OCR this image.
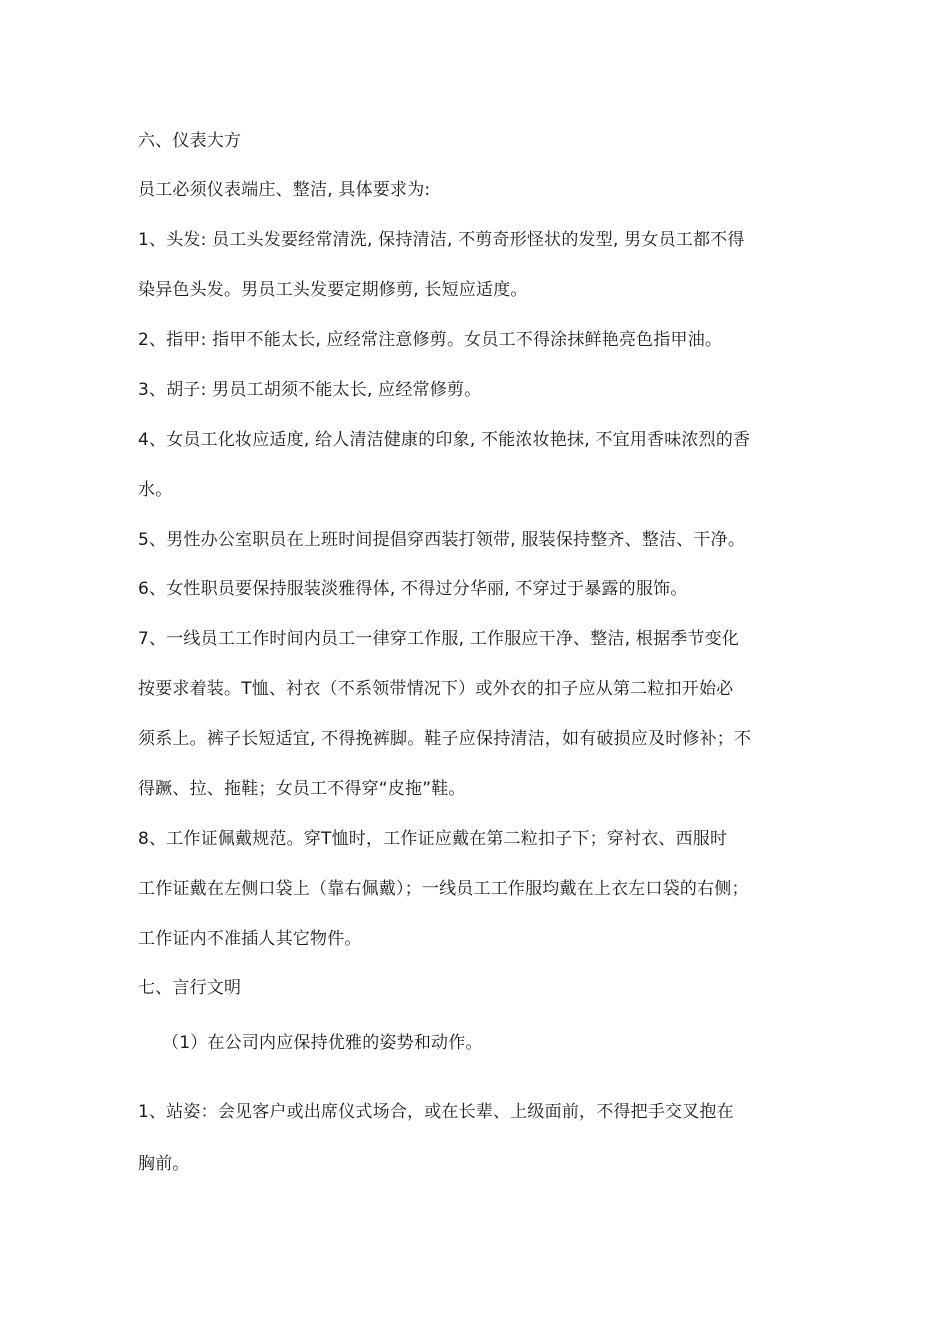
六、仪表大方
员工必须仪表端庄、整洁, 具体要求为:
1、头发: 员工头发要经常清洗, 保持清洁, 不剪奇形怪状的发型, 男女员工都不得
染异色头发。男员工头发要定期修剪, 长短应适度。
2、指甲: 指甲不能太长, 应经常注意修剪。女员工不得涂抹鲜艳亮色指甲油。
3、胡子: 男员工胡须不能太长, 应经常修剪。
4、女员工化妆应适度, 给人清洁健康的印象, 不能浓妆艳抹, 不宜用香味浓烈的香
水。
5、男性办公室职员在上班时间提倡穿西装打领带, 服装保持整齐、整洁、干净。
6、女性职员要保持服装淡雅得体, 不得过分华丽, 不穿过于暴露的服饰。
7、一线员工工作时间内员工一律穿工作服, 工作服应干净、整洁, 根据季节变化
按要求着装。T恤、衬衣（不系领带情况下）或外衣的扣子应从第二粒扣开始必
须系上。裤子长短适宜, 不得挽裤脚。鞋子应保持清洁，如有破损应及时修补；不
得蹶、拉、拖鞋；女员工不得穿“皮拖”鞋。
8、工作证佩戴规范。穿T恤时，工作证应戴在第二粒扣子下；穿衬衣、西服时
工作证戴在左侧口袋上（靠右佩戴）；一线员工工作服均戴在上衣左口袋的右侧；
工作证内不准插人其它物件。
七、言行文明
（1）在公司内应保持优雅的姿势和动作。
1、站姿：会见客户或出席仪式场合，或在长辈、上级面前，不得把手交叉抱在
胸前。
